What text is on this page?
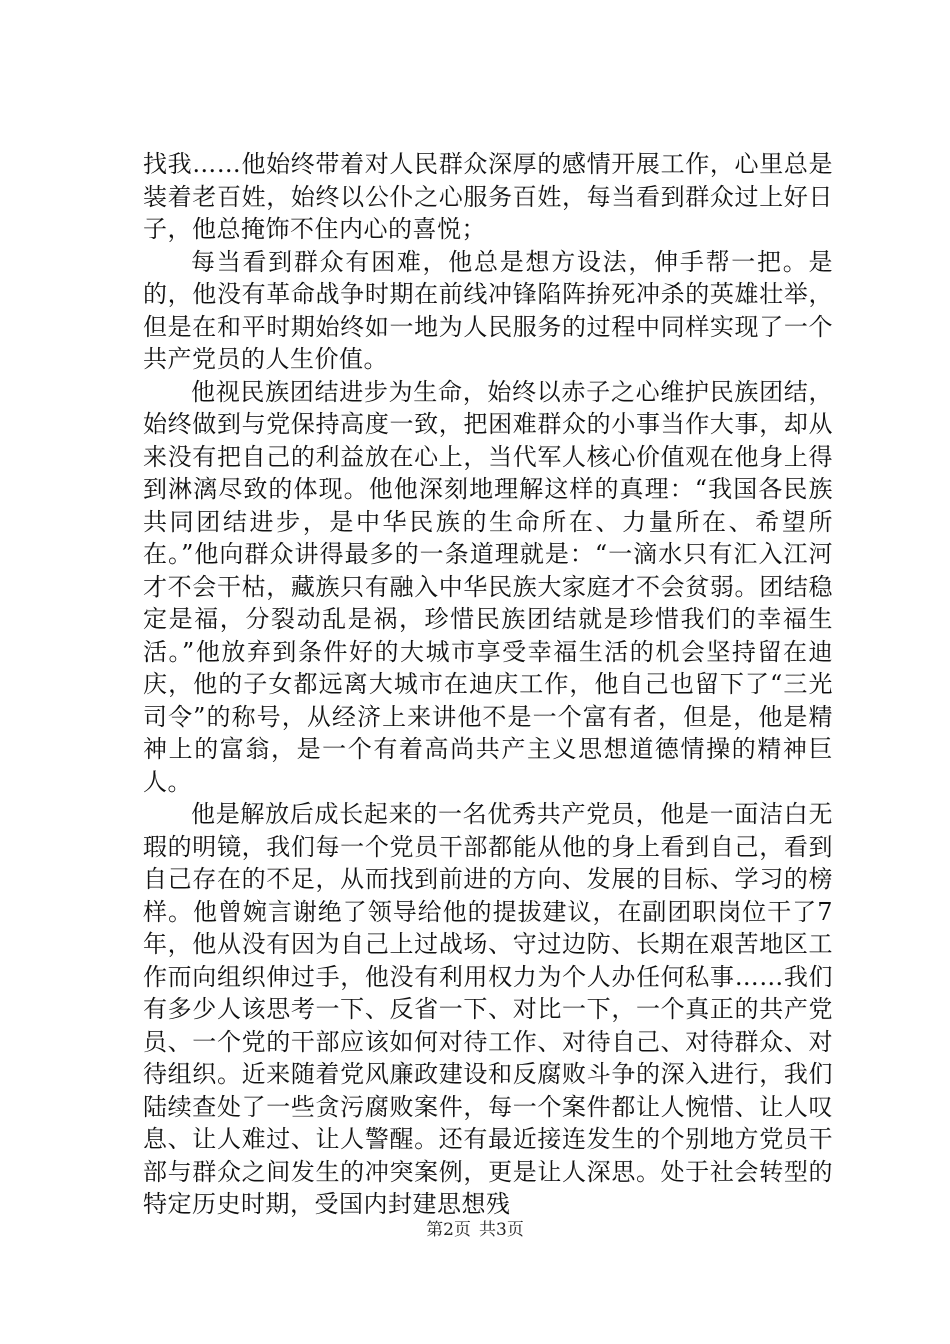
找我……他始终带着对人民群众深厚的感情开展工作，心里总是装着老百姓，始终以公仆之心服务百姓，每当看到群众过上好日子，他总掩饰不住内心的喜悦；

每当看到群众有困难，他总是想方设法，伸手帮一把。是的，他没有革命战争时期在前线冲锋陷阵拚死冲杀的英雄壮举，但是在和平时期始终如一地为人民服务的过程中同样实现了一个共产党员的人生价值。

他视民族团结进步为生命，始终以赤子之心维护民族团结，始终做到与党保持高度一致，把困难群众的小事当作大事，却从来没有把自己的利益放在心上，当代军人核心价值观在他身上得到淋漓尽致的体现。他他深刻地理解这样的真理：“我国各民族共同团结进步，是中华民族的生命所在、力量所在、希望所在。”他向群众讲得最多的一条道理就是：“一滴水只有汇入江河才不会干枯，藏族只有融入中华民族大家庭才不会贫弱。团结稳定是福，分裂动乱是祸，珍惜民族团结就是珍惜我们的幸福生活。”他放弃到条件好的大城市享受幸福生活的机会坚持留在迪庆，他的子女都远离大城市在迪庆工作，他自己也留下了“三光司令”的称号，从经济上来讲他不是一个富有者，但是，他是精神上的富翁，是一个有着高尚共产主义思想道德情操的精神巨人。

他是解放后成长起来的一名优秀共产党员，他是一面洁白无瑕的明镜，我们每一个党员干部都能从他的身上看到自己，看到自己存在的不足，从而找到前进的方向、发展的目标、学习的榜样。他曾婉言谢绝了领导给他的提拔建议，在副团职岗位干了7年，他从没有因为自己上过战场、守过边防、长期在艰苦地区工作而向组织伸过手，他没有利用权力为个人办任何私事……我们有多少人该思考一下、反省一下、对比一下，一个真正的共产党员、一个党的干部应该如何对待工作、对待自己、对待群众、对待组织。近来随着党风廉政建设和反腐败斗争的深入进行，我们陆续查处了一些贪污腐败案件，每一个案件都让人惋惜、让人叹息、让人难过、让人警醒。还有最近接连发生的个别地方党员干部与群众之间发生的冲突案例，更是让人深思。处于社会转型的特定历史时期，受国内封建思想残

第2页 共3页
